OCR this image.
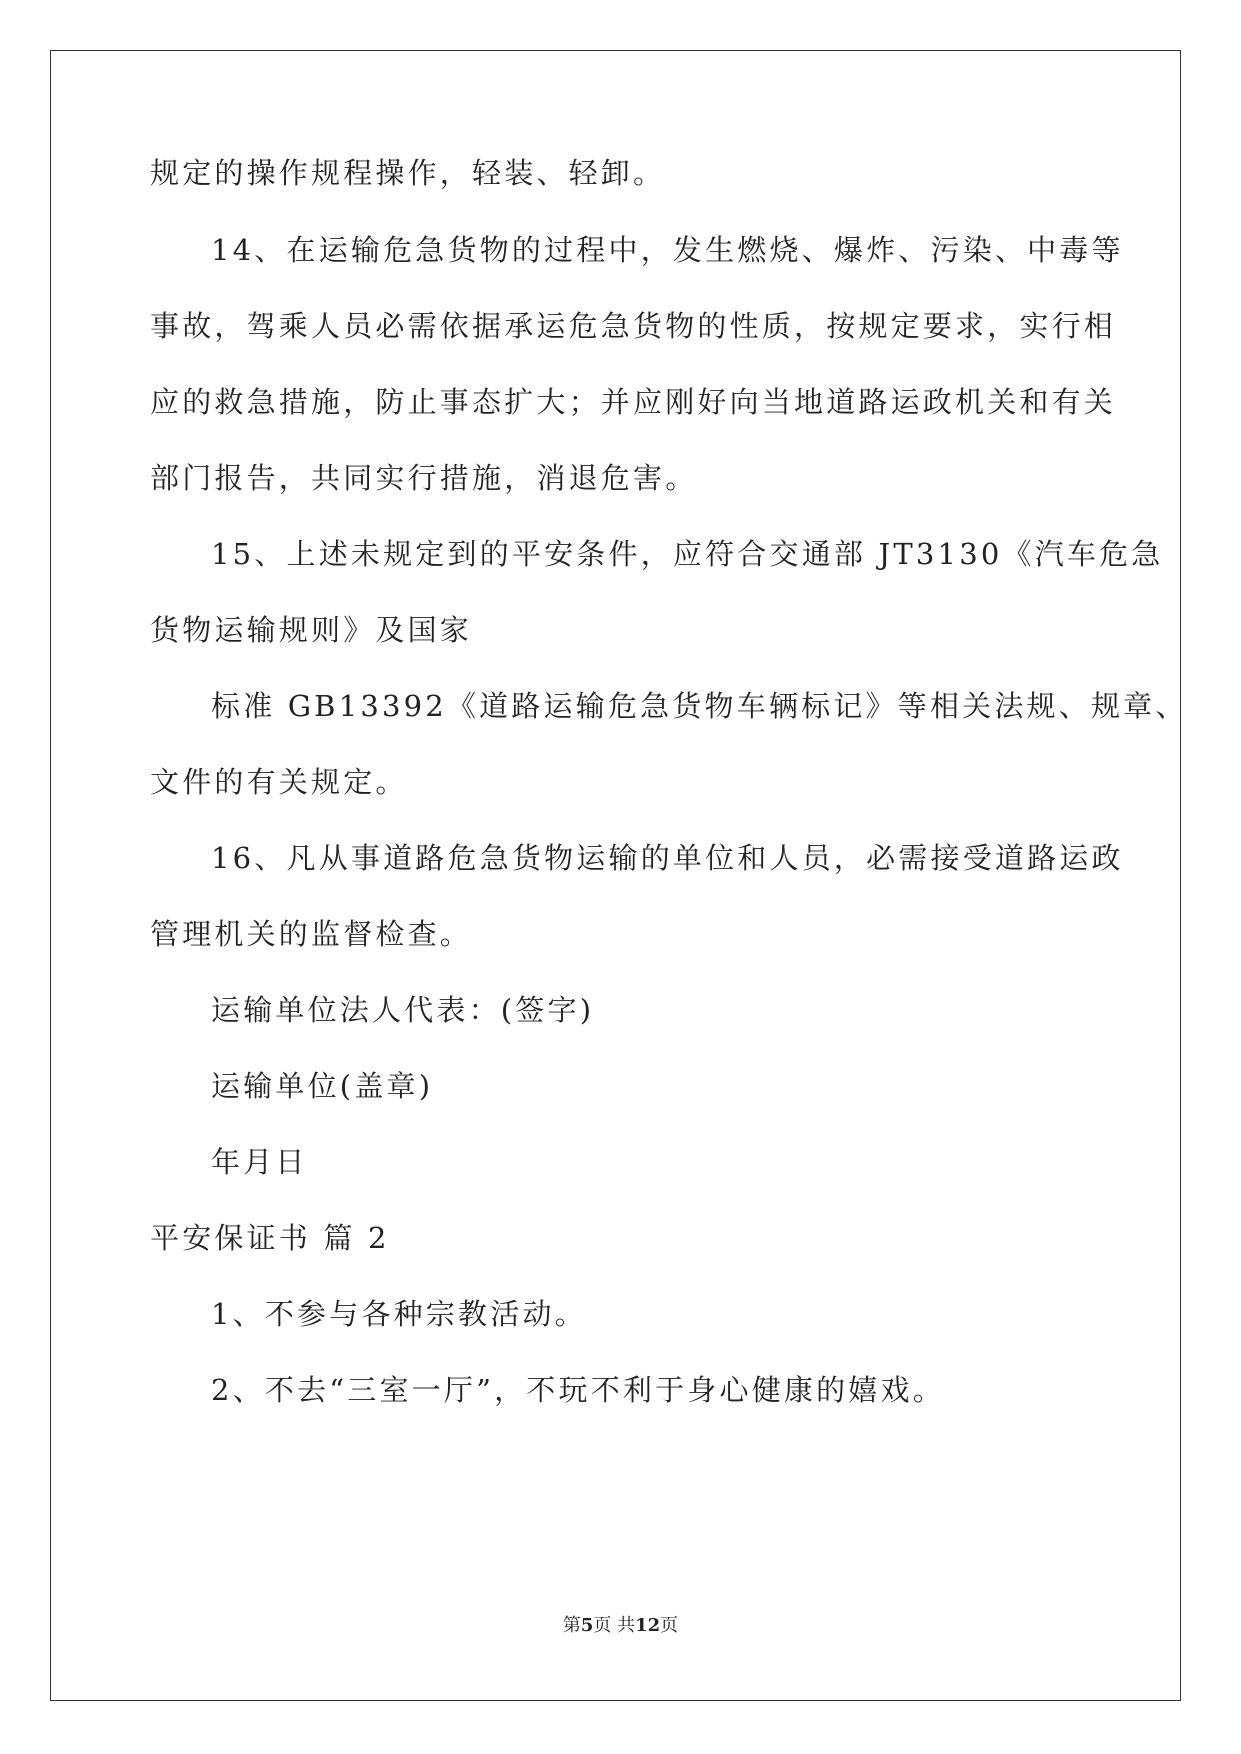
规定的操作规程操作，轻装、轻卸。
14、在运输危急货物的过程中，发生燃烧、爆炸、污染、中毒等
事故，驾乘人员必需依据承运危急货物的性质，按规定要求，实行相
应的救急措施，防止事态扩大；并应刚好向当地道路运政机关和有关
部门报告，共同实行措施，消退危害。
15、上述未规定到的平安条件，应符合交通部 JT3130《汽车危急
货物运输规则》及国家
标准 GB13392《道路运输危急货物车辆标记》等相关法规、规章、
文件的有关规定。
16、凡从事道路危急货物运输的单位和人员，必需接受道路运政
管理机关的监督检查。
运输单位法人代表：(签字)
运输单位(盖章)
年月日
平安保证书 篇 2
1、不参与各种宗教活动。
2、不去“三室一厅”，不玩不利于身心健康的嬉戏。
第5页 共12页
